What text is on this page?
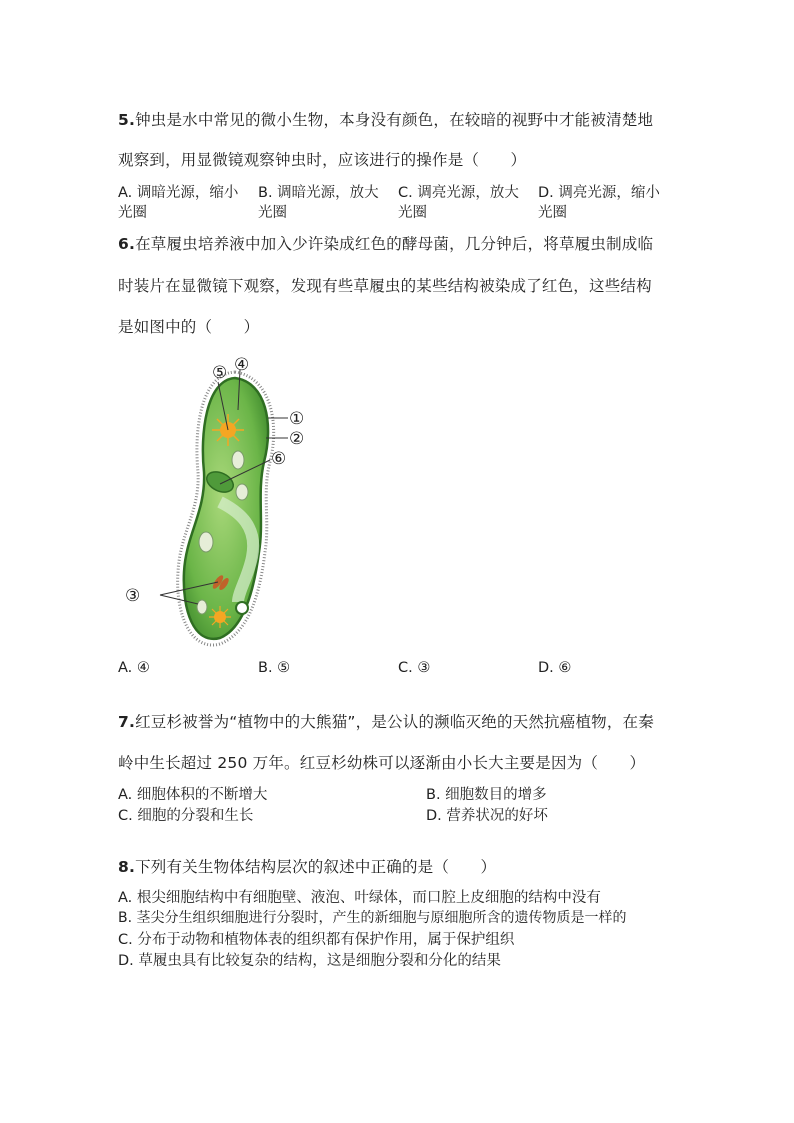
5.钟虫是水中常见的微小生物，本身没有颜色，在较暗的视野中才能被清楚地
观察到，用显微镜观察钟虫时，应该进行的操作是（　　）
A. 调暗光源，缩小
光圈
B. 调暗光源，放大
光圈
C. 调亮光源，放大
光圈
D. 调亮光源，缩小
光圈
6.在草履虫培养液中加入少许染成红色的酵母菌，几分钟后，将草履虫制成临
时装片在显微镜下观察，发现有些草履虫的某些结构被染成了红色，这些结构
是如图中的（　　）
⑤ ④
①
②
⑥
③
A. ④	B. ⑤	C. ③	D. ⑥
7.红豆杉被誉为“植物中的大熊猫”，是公认的濒临灭绝的天然抗癌植物，在秦
岭中生长超过 250 万年。红豆杉幼株可以逐渐由小长大主要是因为（　　）
A. 细胞体积的不断增大	B. 细胞数目的增多
C. 细胞的分裂和生长	D. 营养状况的好坏
8.下列有关生物体结构层次的叙述中正确的是（　　）
A. 根尖细胞结构中有细胞壁、液泡、叶绿体，而口腔上皮细胞的结构中没有
B. 茎尖分生组织细胞进行分裂时，产生的新细胞与原细胞所含的遗传物质是一样的
C. 分布于动物和植物体表的组织都有保护作用，属于保护组织
D. 草履虫具有比较复杂的结构，这是细胞分裂和分化的结果
